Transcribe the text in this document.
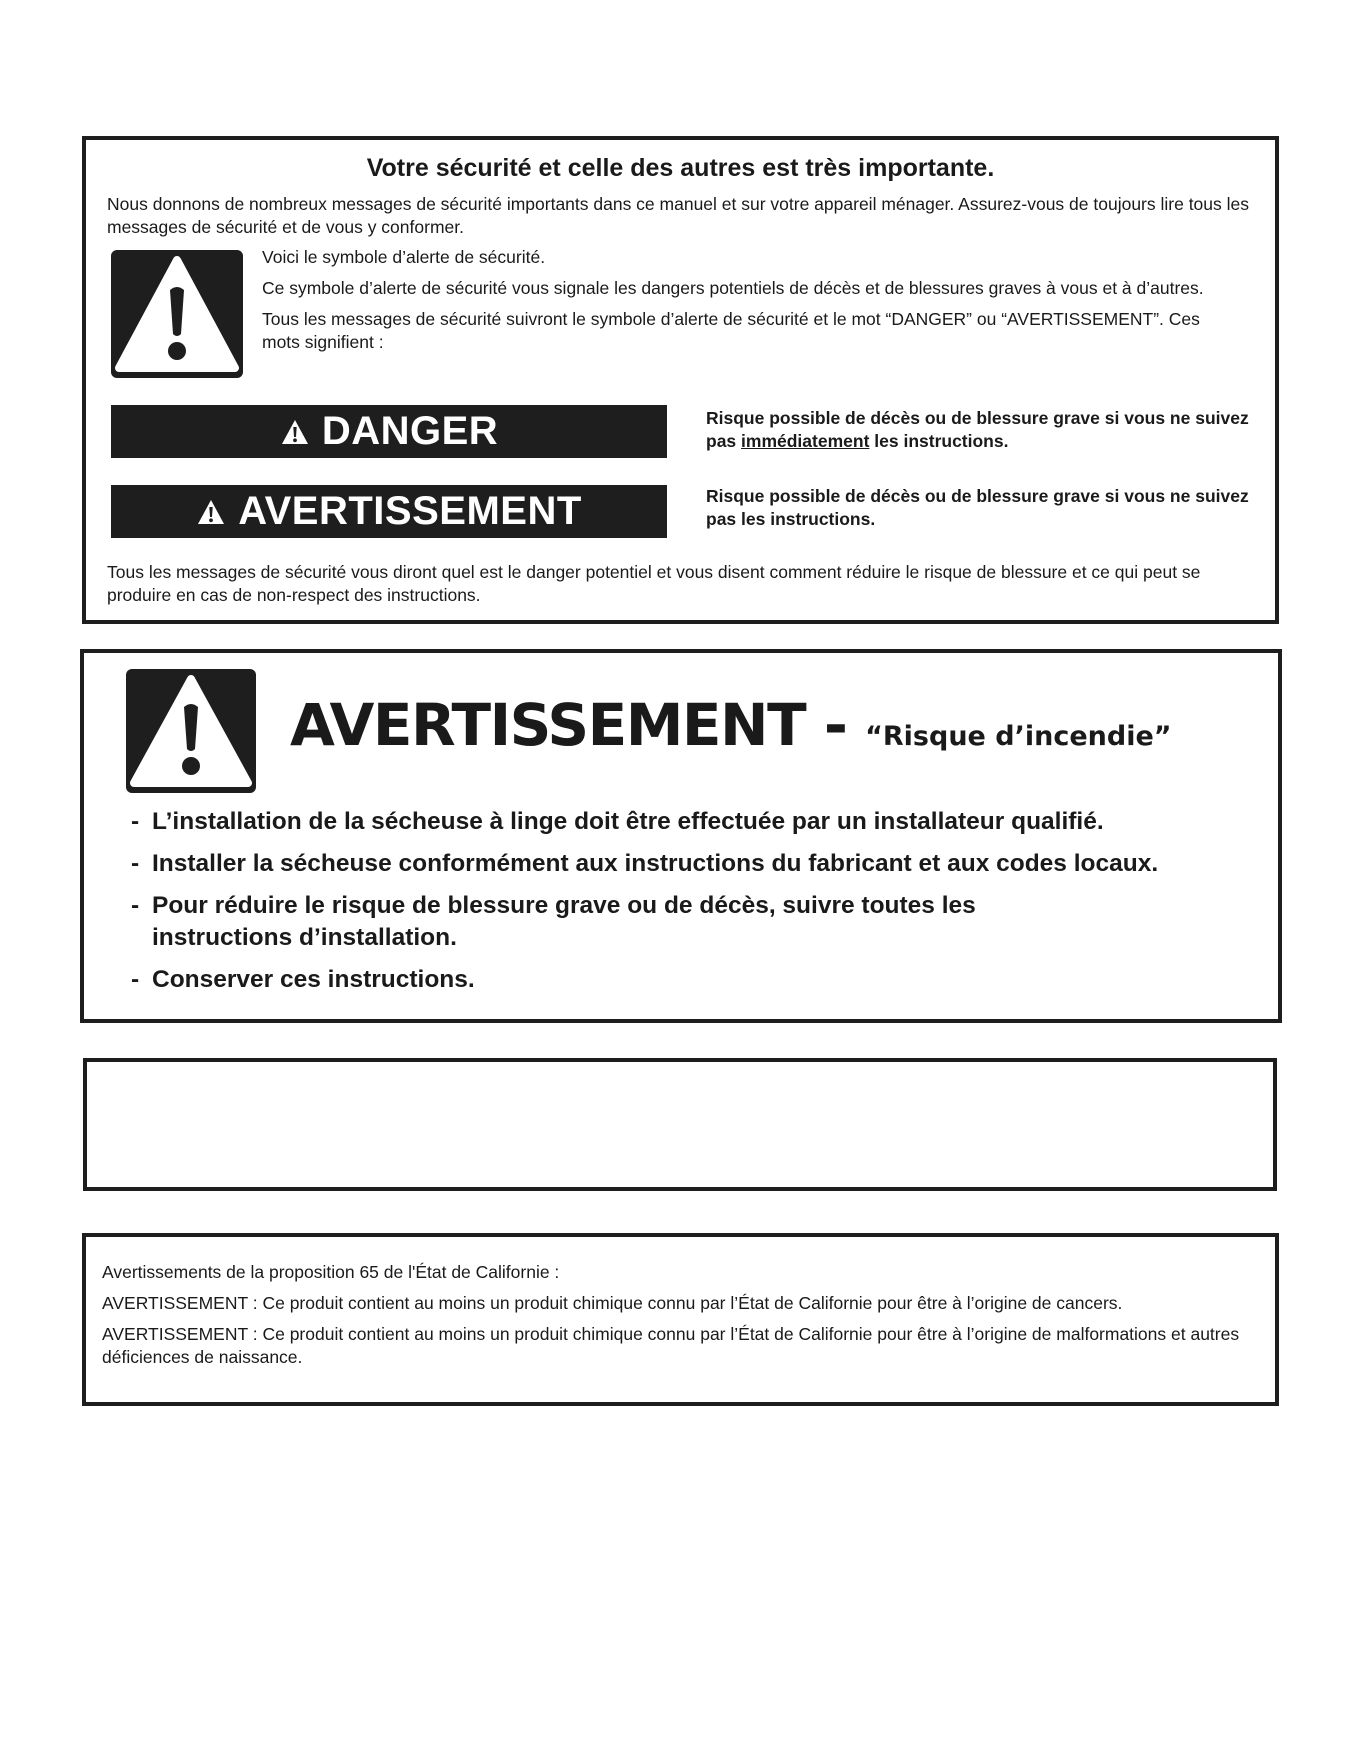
Votre sécurité et celle des autres est très importante.
Nous donnons de nombreux messages de sécurité importants dans ce manuel et sur votre appareil ménager. Assurez-vous de toujours lire tous les messages de sécurité et de vous y conformer.

Voici le symbole d’alerte de sécurité.

Ce symbole d’alerte de sécurité vous signale les dangers potentiels de décès et de blessures graves à vous et à d’autres.

Tous les messages de sécurité suivront le symbole d’alerte de sécurité et le mot “DANGER” ou “AVERTISSEMENT”. Ces mots signifient :

DANGER	Risque possible de décès ou de blessure grave si vous ne suivez pas immédiatement les instructions.
AVERTISSEMENT	Risque possible de décès ou de blessure grave si vous ne suivez pas les instructions.
Tous les messages de sécurité vous diront quel est le danger potentiel et vous disent comment réduire le risque de blessure et ce qui peut se produire en cas de non-respect des instructions.
AVERTISSEMENT - “Risque d’incendie”
- L’installation de la sécheuse à linge doit être effectuée par un installateur qualifié.
- Installer la sécheuse conformément aux instructions du fabricant et aux codes locaux.
- Pour réduire le risque de blessure grave ou de décès, suivre toutes les instructions d’installation.
- Conserver ces instructions.

Avertissements de la proposition 65 de l'État de Californie :

AVERTISSEMENT : Ce produit contient au moins un produit chimique connu par l’État de Californie pour être à l’origine de cancers.

AVERTISSEMENT : Ce produit contient au moins un produit chimique connu par l’État de Californie pour être à l’origine de malformations et autres déficiences de naissance.
